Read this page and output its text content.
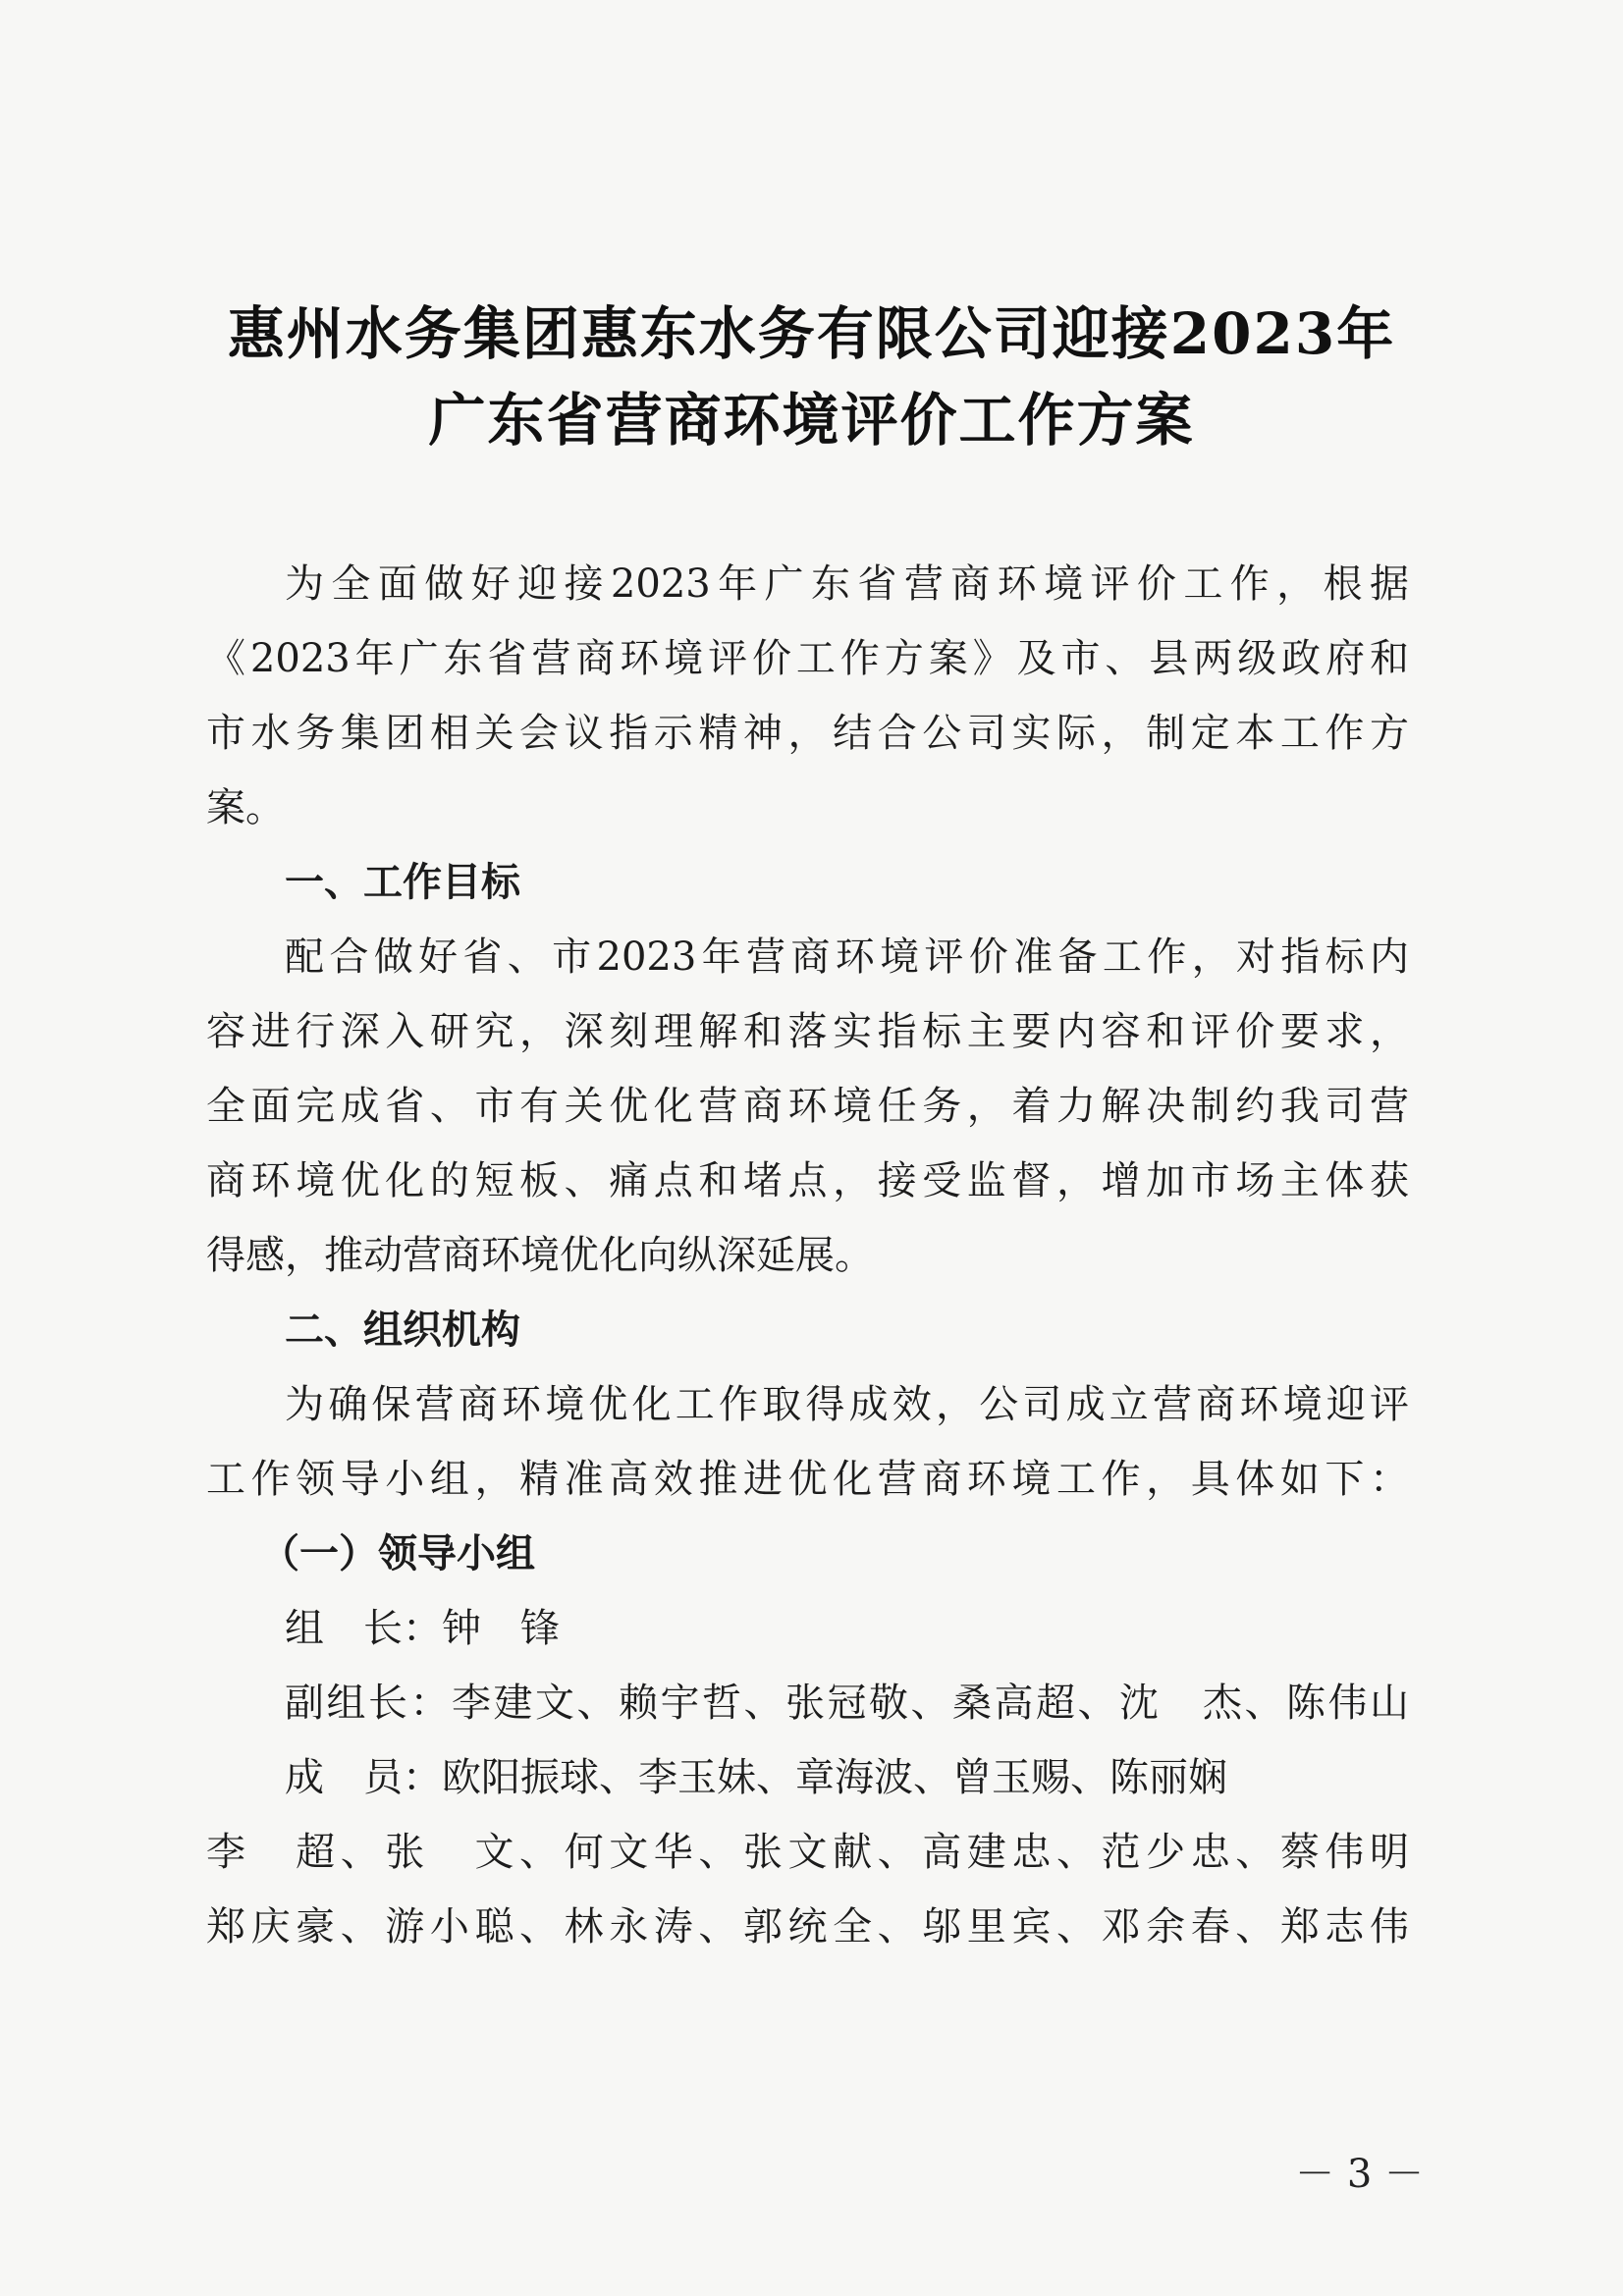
惠州水务集团惠东水务有限公司迎接2023年
广东省营商环境评价工作方案
为全面做好迎接2023年广东省营商环境评价工作，根据
《2023年广东省营商环境评价工作方案》及市、县两级政府和
市水务集团相关会议指示精神，结合公司实际，制定本工作方
案。
一、工作目标
配合做好省、市2023年营商环境评价准备工作，对指标内
容进行深入研究，深刻理解和落实指标主要内容和评价要求，
全面完成省、市有关优化营商环境任务，着力解决制约我司营
商环境优化的短板、痛点和堵点，接受监督，增加市场主体获
得感，推动营商环境优化向纵深延展。
二、组织机构
为确保营商环境优化工作取得成效，公司成立营商环境迎评
工作领导小组，精准高效推进优化营商环境工作，具体如下：
（一）领导小组
组　长：钟　锋
副组长：李建文、赖宇哲、张冠敬、桑高超、沈　杰、陈伟山
成　员：欧阳振球、李玉妹、章海波、曾玉赐、陈丽娴
李　超、张　文、何文华、张文献、高建忠、范少忠、蔡伟明
郑庆豪、游小聪、林永涛、郭统全、邬里宾、邓余春、郑志伟
－ 3 －
